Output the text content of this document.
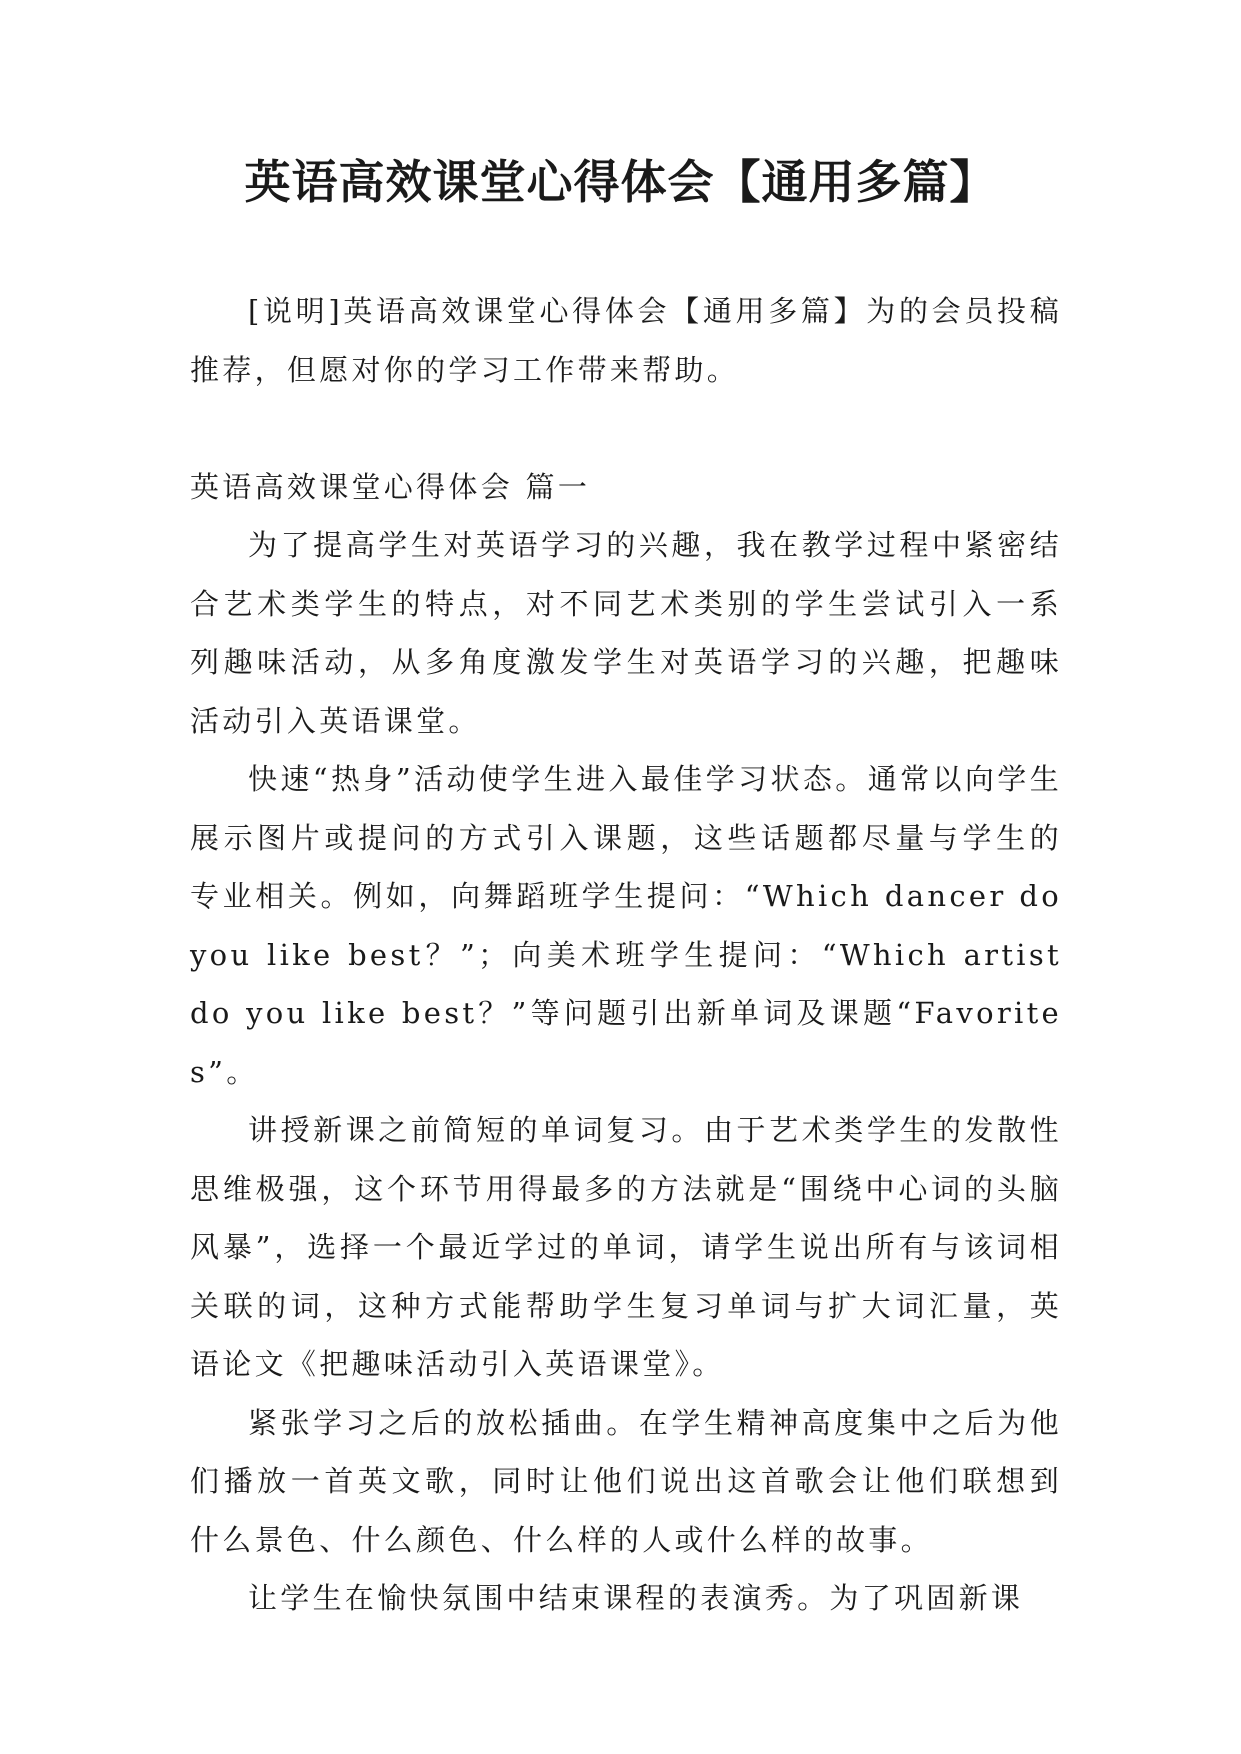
英语高效课堂心得体会【通用多篇】

[说明]英语高效课堂心得体会【通用多篇】为的会员投稿推荐，但愿对你的学习工作带来帮助。

英语高效课堂心得体会 篇一

为了提高学生对英语学习的兴趣，我在教学过程中紧密结合艺术类学生的特点，对不同艺术类别的学生尝试引入一系列趣味活动，从多角度激发学生对英语学习的兴趣，把趣味活动引入英语课堂。

快速“热身”活动使学生进入最佳学习状态。通常以向学生展示图片或提问的方式引入课题，这些话题都尽量与学生的专业相关。例如，向舞蹈班学生提问：“Which dancer do you like best？”；向美术班学生提问：“Which artist do you like best？”等问题引出新单词及课题“Favorites”。

讲授新课之前简短的单词复习。由于艺术类学生的发散性思维极强，这个环节用得最多的方法就是“围绕中心词的头脑风暴”，选择一个最近学过的单词，请学生说出所有与该词相关联的词，这种方式能帮助学生复习单词与扩大词汇量，英语论文《把趣味活动引入英语课堂》。

紧张学习之后的放松插曲。在学生精神高度集中之后为他们播放一首英文歌，同时让他们说出这首歌会让他们联想到什么景色、什么颜色、什么样的人或什么样的故事。

让学生在愉快氛围中结束课程的表演秀。为了巩固新课
